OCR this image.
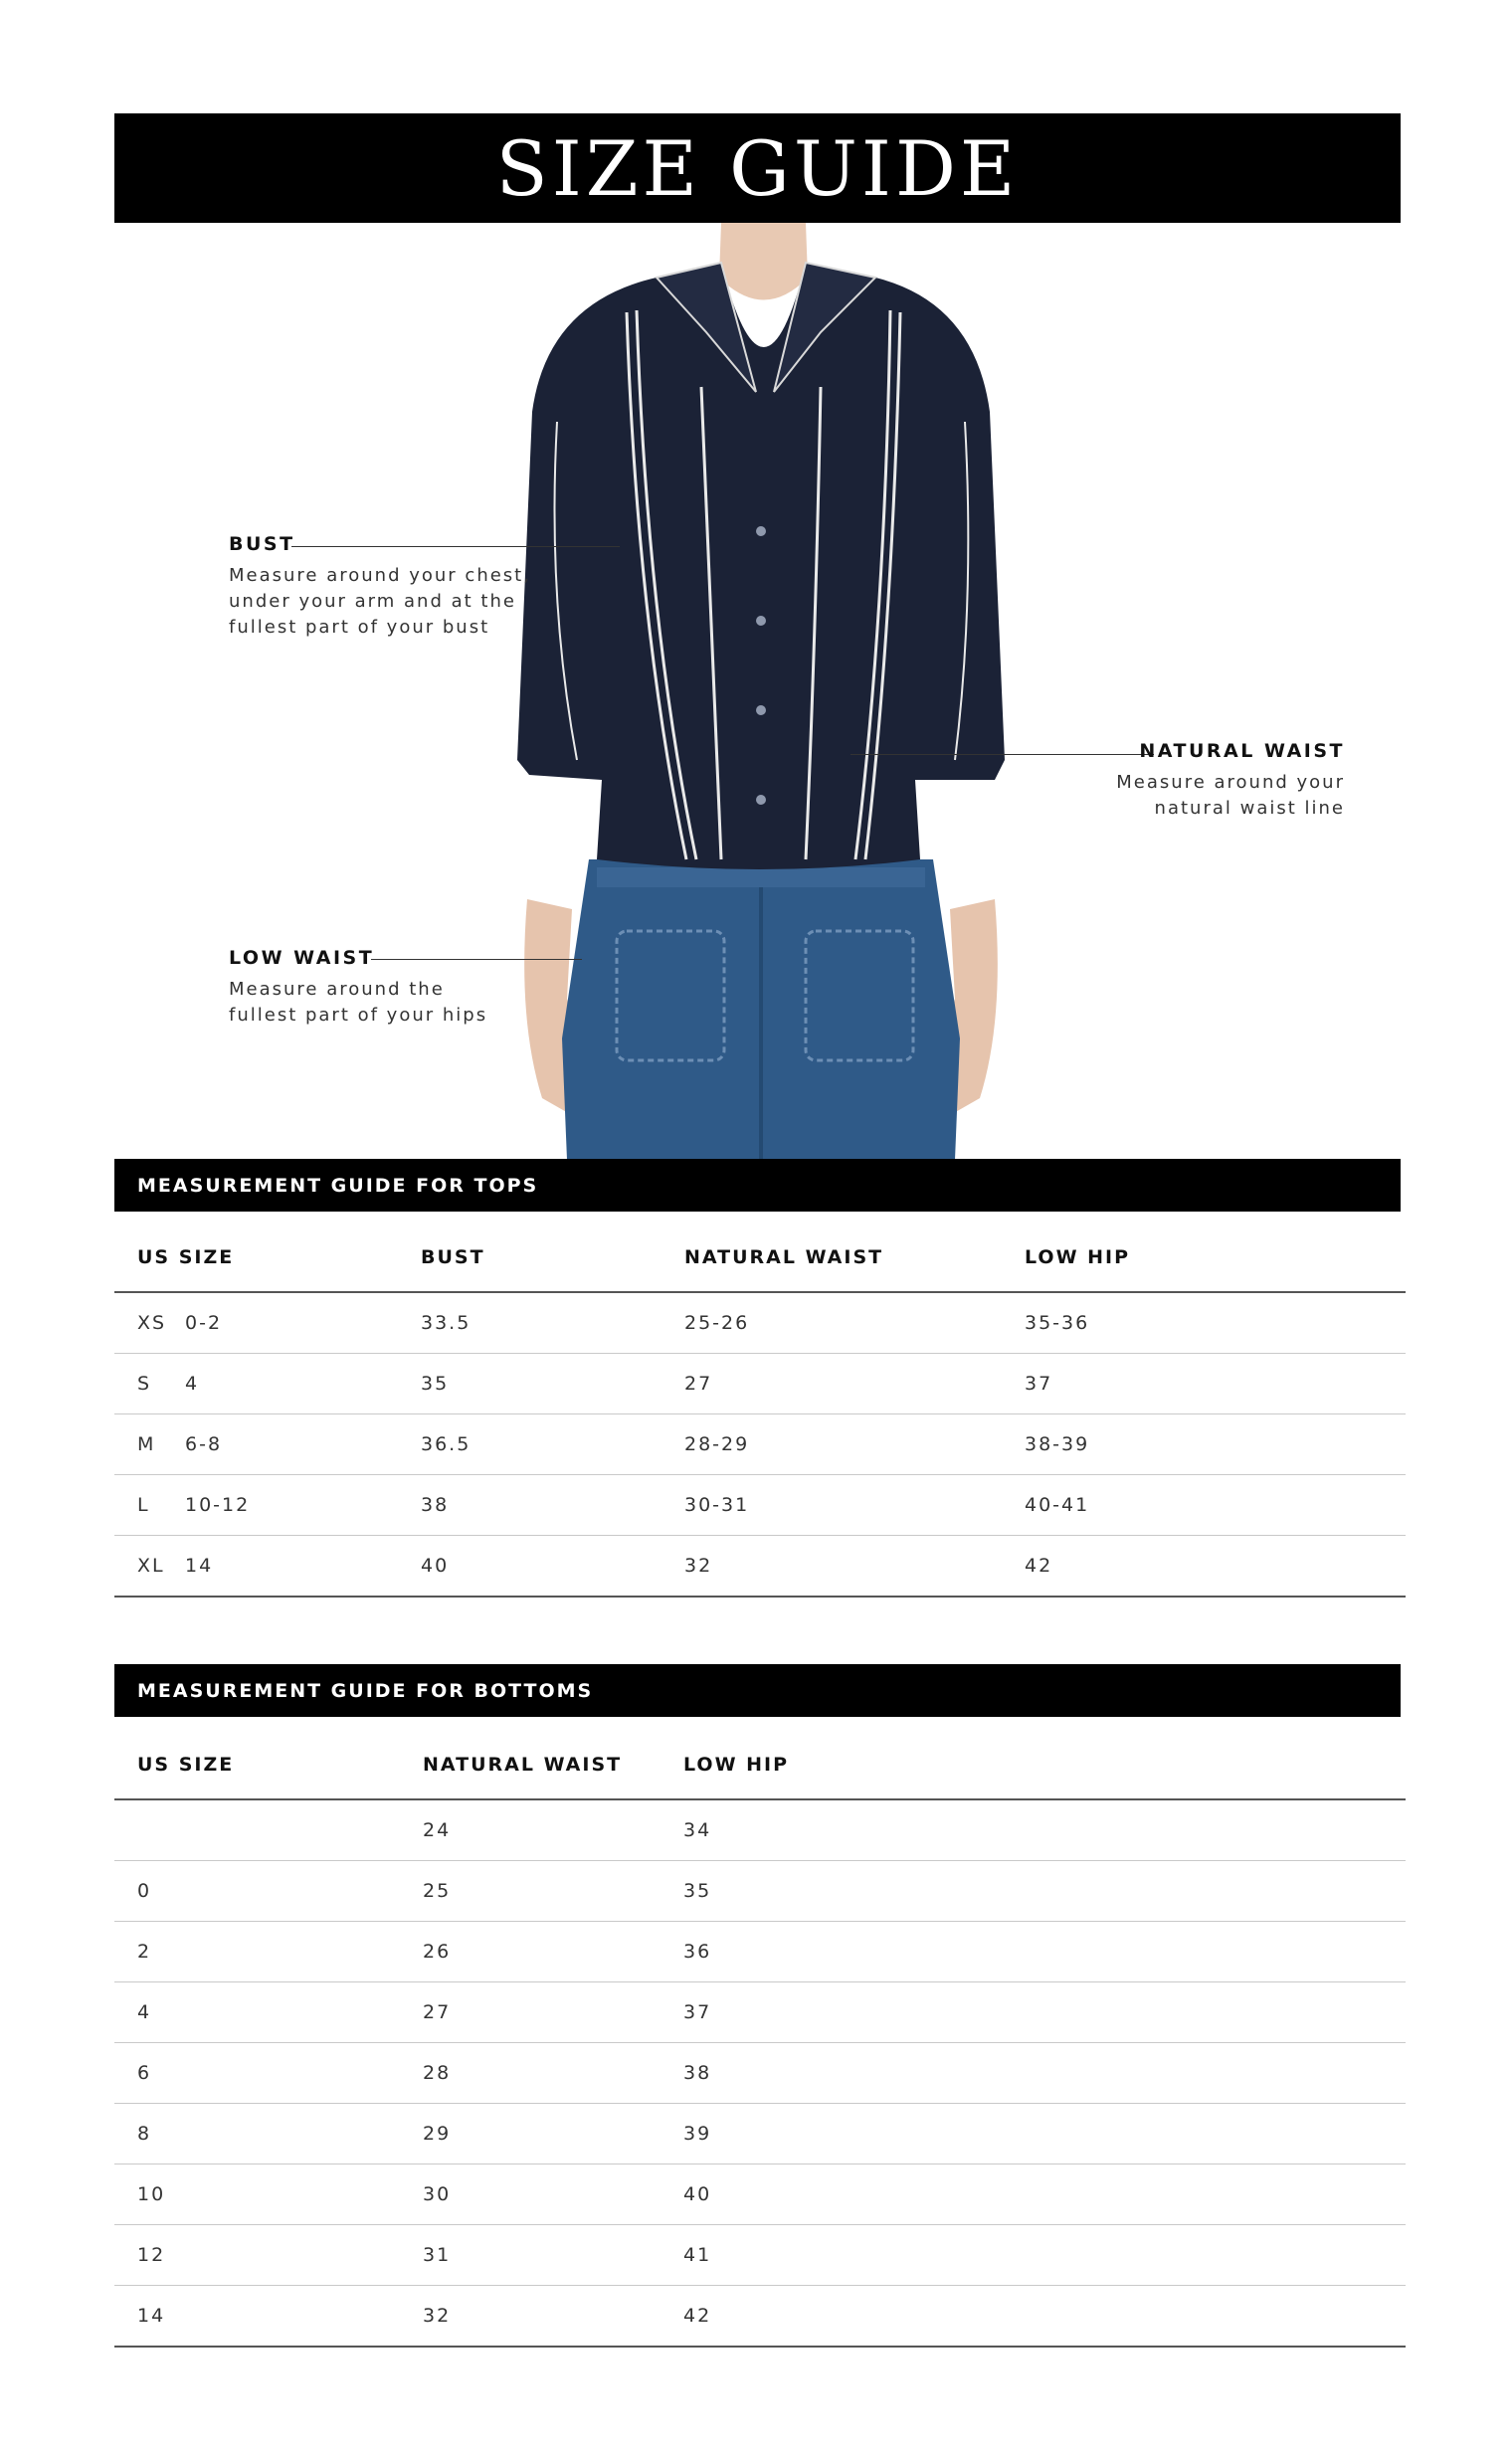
SIZE GUIDE
BUST
Measure around your chest,
under your arm and at the
fullest part of your bust
NATURAL WAIST
Measure around your
natural waist line
LOW WAIST
Measure around the
fullest part of your hips
MEASUREMENT GUIDE FOR TOPS
US SIZE	BUST	NATURAL WAIST	LOW HIP
XS 0-2	33.5	25-26	35-36
S 4	35	27	37
M 6-8	36.5	28-29	38-39
L 10-12	38	30-31	40-41
XL 14	40	32	42
MEASUREMENT GUIDE FOR BOTTOMS
US SIZE	NATURAL WAIST	LOW HIP
	24	34
0	25	35
2	26	36
4	27	37
6	28	38
8	29	39
10	30	40
12	31	41
14	32	42
